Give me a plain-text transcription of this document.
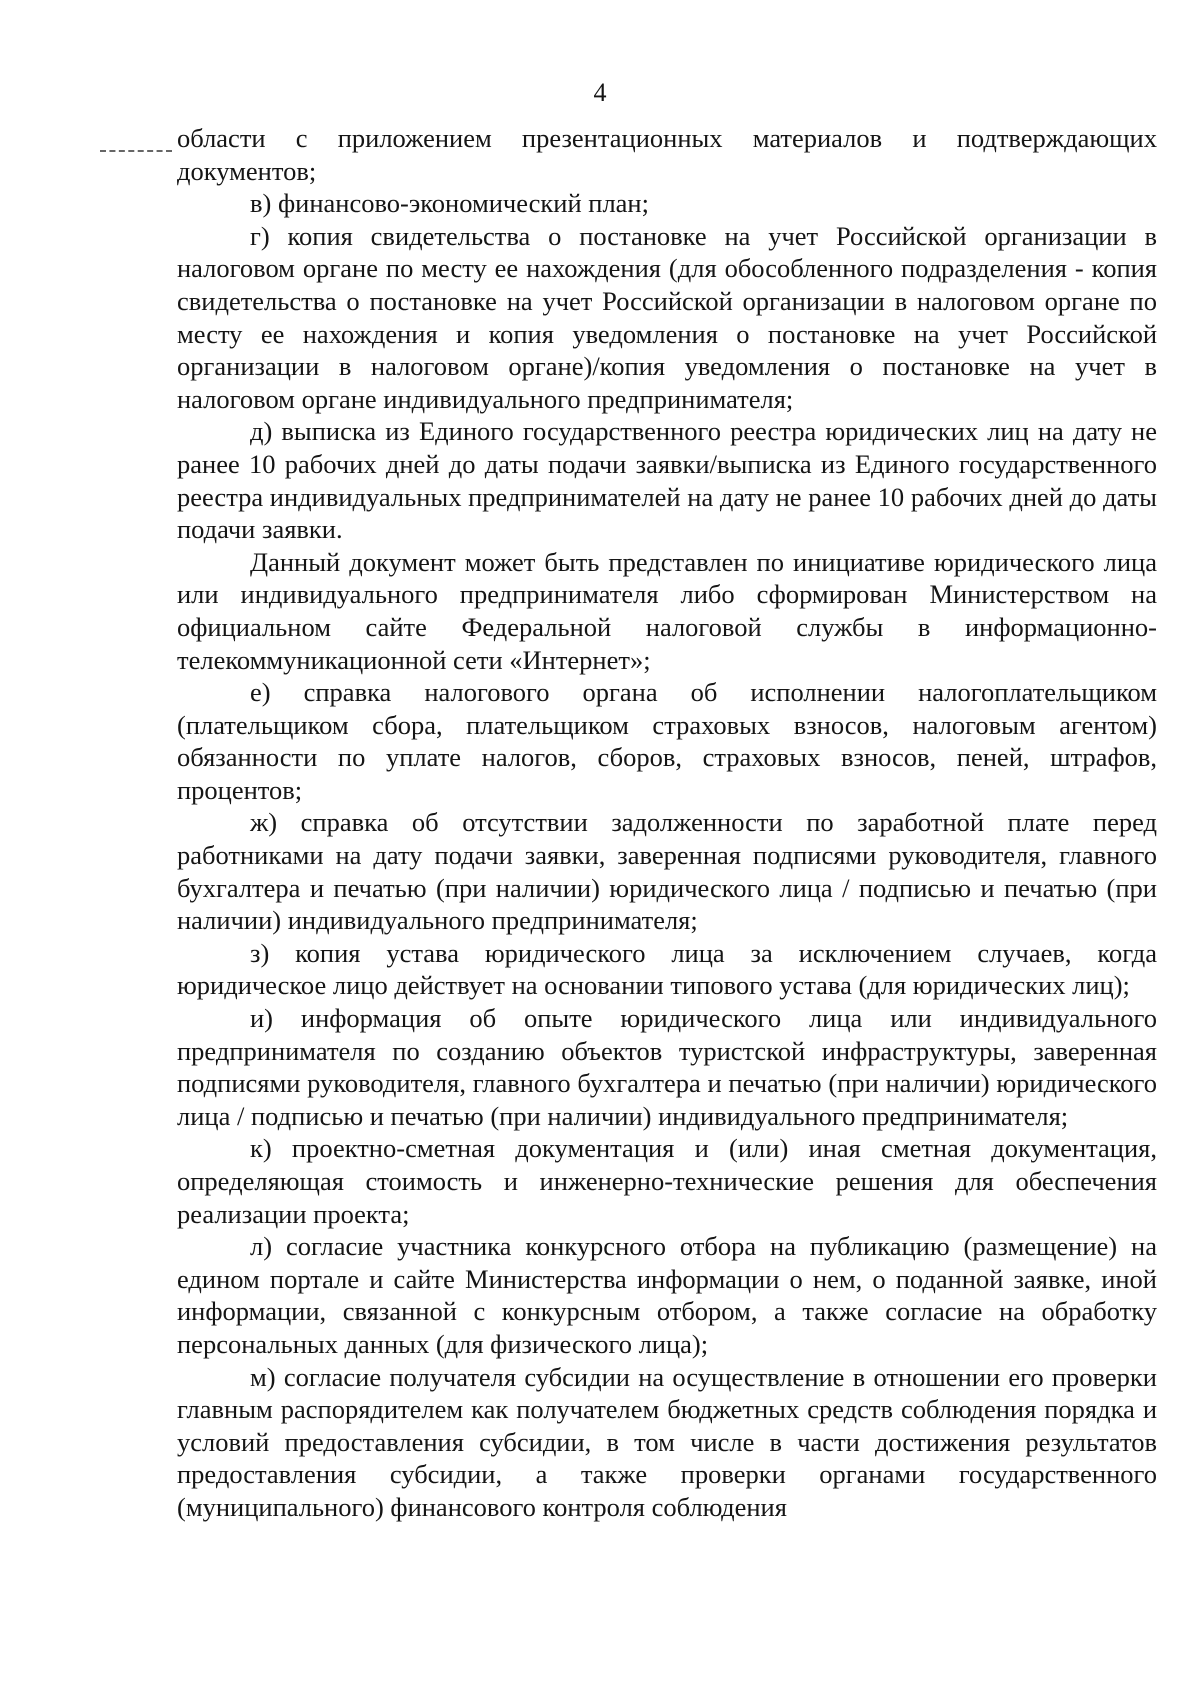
4

области с приложением презентационных материалов и подтверждающих документов;

в) финансово-экономический план;

г) копия свидетельства о постановке на учет Российской организации в налоговом органе по месту ее нахождения (для обособленного подразделения - копия свидетельства о постановке на учет Российской организации в налоговом органе по месту ее нахождения и копия уведомления о постановке на учет Российской организации в налоговом органе)/копия уведомления о постановке на учет в налоговом органе индивидуального предпринимателя;

д) выписка из Единого государственного реестра юридических лиц на дату не ранее 10 рабочих дней до даты подачи заявки/выписка из Единого государственного реестра индивидуальных предпринимателей на дату не ранее 10 рабочих дней до даты подачи заявки.

Данный документ может быть представлен по инициативе юридического лица или индивидуального предпринимателя либо сформирован Министерством на официальном сайте Федеральной налоговой службы в информационно-телекоммуникационной сети «Интернет»;

е) справка налогового органа об исполнении налогоплательщиком (плательщиком сбора, плательщиком страховых взносов, налоговым агентом) обязанности по уплате налогов, сборов, страховых взносов, пеней, штрафов, процентов;

ж) справка об отсутствии задолженности по заработной плате перед работниками на дату подачи заявки, заверенная подписями руководителя, главного бухгалтера и печатью (при наличии) юридического лица / подписью и печатью (при наличии) индивидуального предпринимателя;

з) копия устава юридического лица за исключением случаев, когда юридическое лицо действует на основании типового устава (для юридических лиц);

и) информация об опыте юридического лица или индивидуального предпринимателя по созданию объектов туристской инфраструктуры, заверенная подписями руководителя, главного бухгалтера и печатью (при наличии) юридического лица / подписью и печатью (при наличии) индивидуального предпринимателя;

к) проектно-сметная документация и (или) иная сметная документация, определяющая стоимость и инженерно-технические решения для обеспечения реализации проекта;

л) согласие участника конкурсного отбора на публикацию (размещение) на едином портале и сайте Министерства информации о нем, о поданной заявке, иной информации, связанной с конкурсным отбором, а также согласие на обработку персональных данных (для физического лица);

м) согласие получателя субсидии на осуществление в отношении его проверки главным распорядителем как получателем бюджетных средств соблюдения порядка и условий предоставления субсидии, в том числе в части достижения результатов предоставления субсидии, а также проверки органами государственного (муниципального) финансового контроля соблюдения
